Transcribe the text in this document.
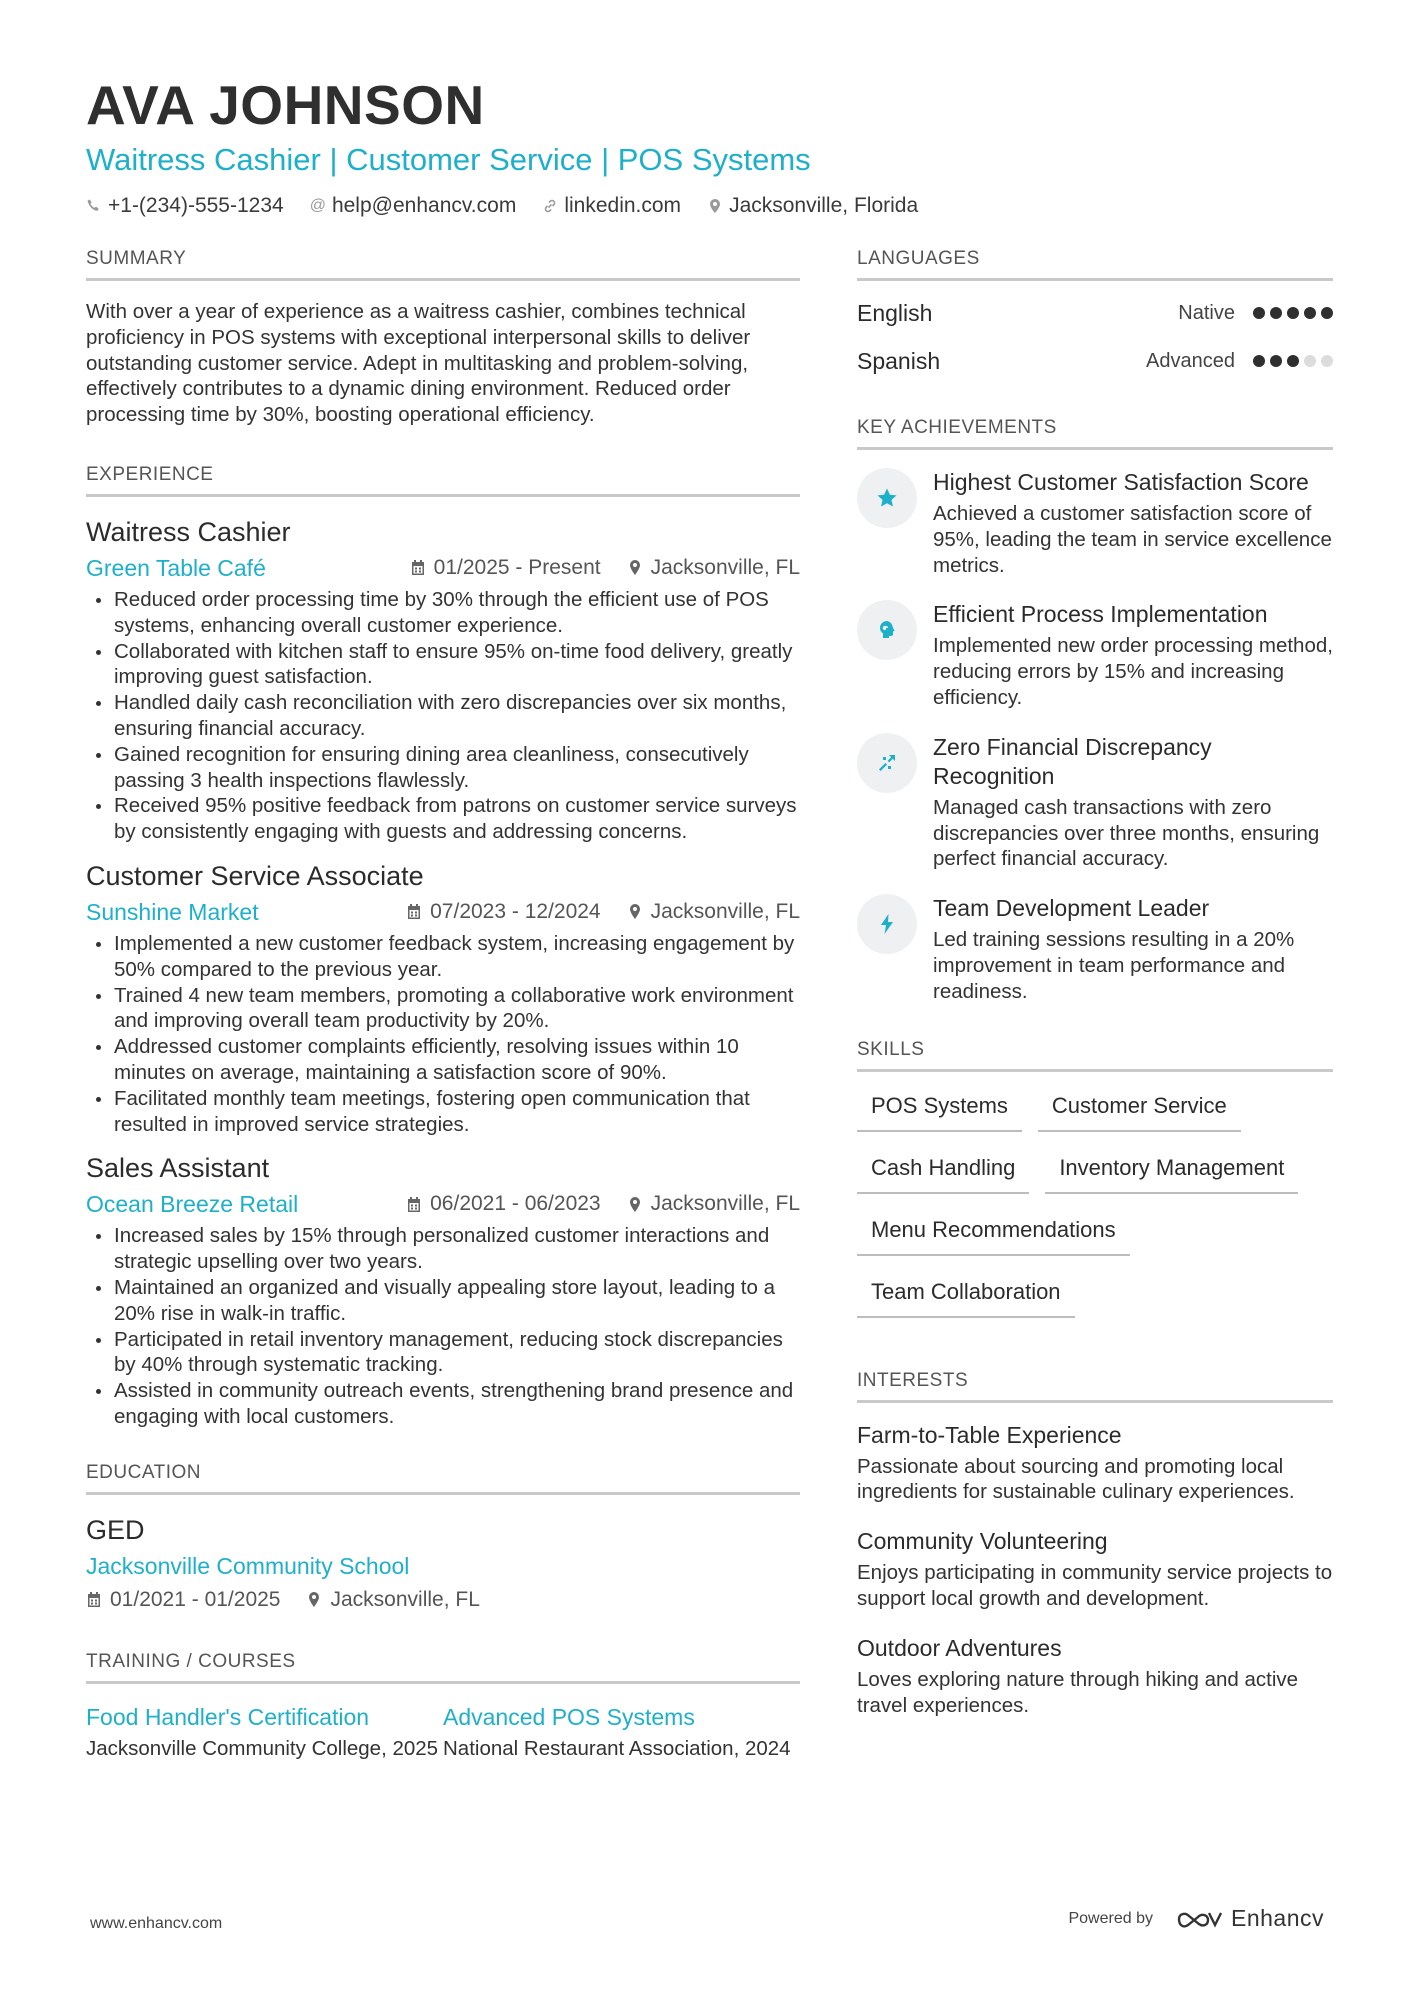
AVA JOHNSON
Waitress Cashier | Customer Service | POS Systems
+1-(234)-555-1234 @ help@enhancv.com linkedin.com Jacksonville, Florida
SUMMARY
With over a year of experience as a waitress cashier, combines technical proficiency in POS systems with exceptional interpersonal skills to deliver outstanding customer service. Adept in multitasking and problem-solving, effectively contributes to a dynamic dining environment. Reduced order processing time by 30%, boosting operational efficiency.
EXPERIENCE
Waitress Cashier
Green Table Café	01/2025 - Present Jacksonville, FL
Reduced order processing time by 30% through the efficient use of POS systems, enhancing overall customer experience.
Collaborated with kitchen staff to ensure 95% on-time food delivery, greatly improving guest satisfaction.
Handled daily cash reconciliation with zero discrepancies over six months, ensuring financial accuracy.
Gained recognition for ensuring dining area cleanliness, consecutively passing 3 health inspections flawlessly.
Received 95% positive feedback from patrons on customer service surveys by consistently engaging with guests and addressing concerns.
Customer Service Associate
Sunshine Market	07/2023 - 12/2024 Jacksonville, FL
Implemented a new customer feedback system, increasing engagement by 50% compared to the previous year.
Trained 4 new team members, promoting a collaborative work environment and improving overall team productivity by 20%.
Addressed customer complaints efficiently, resolving issues within 10 minutes on average, maintaining a satisfaction score of 90%.
Facilitated monthly team meetings, fostering open communication that resulted in improved service strategies.
Sales Assistant
Ocean Breeze Retail	06/2021 - 06/2023 Jacksonville, FL
Increased sales by 15% through personalized customer interactions and strategic upselling over two years.
Maintained an organized and visually appealing store layout, leading to a 20% rise in walk-in traffic.
Participated in retail inventory management, reducing stock discrepancies by 40% through systematic tracking.
Assisted in community outreach events, strengthening brand presence and engaging with local customers.
EDUCATION
GED
Jacksonville Community School
01/2021 - 01/2025 Jacksonville, FL
TRAINING / COURSES
Food Handler's Certification
Jacksonville Community College, 2025
Advanced POS Systems
National Restaurant Association, 2024
LANGUAGES
English	Native
Spanish	Advanced
KEY ACHIEVEMENTS
Highest Customer Satisfaction Score
Achieved a customer satisfaction score of 95%, leading the team in service excellence metrics.
Efficient Process Implementation
Implemented new order processing method, reducing errors by 15% and increasing efficiency.
Zero Financial Discrepancy Recognition
Managed cash transactions with zero discrepancies over three months, ensuring perfect financial accuracy.
Team Development Leader
Led training sessions resulting in a 20% improvement in team performance and readiness.
SKILLS
POS Systems	Customer Service
Cash Handling	Inventory Management
Menu Recommendations
Team Collaboration
INTERESTS
Farm-to-Table Experience
Passionate about sourcing and promoting local ingredients for sustainable culinary experiences.
Community Volunteering
Enjoys participating in community service projects to support local growth and development.
Outdoor Adventures
Loves exploring nature through hiking and active travel experiences.
www.enhancv.com	Powered by	Enhancv
